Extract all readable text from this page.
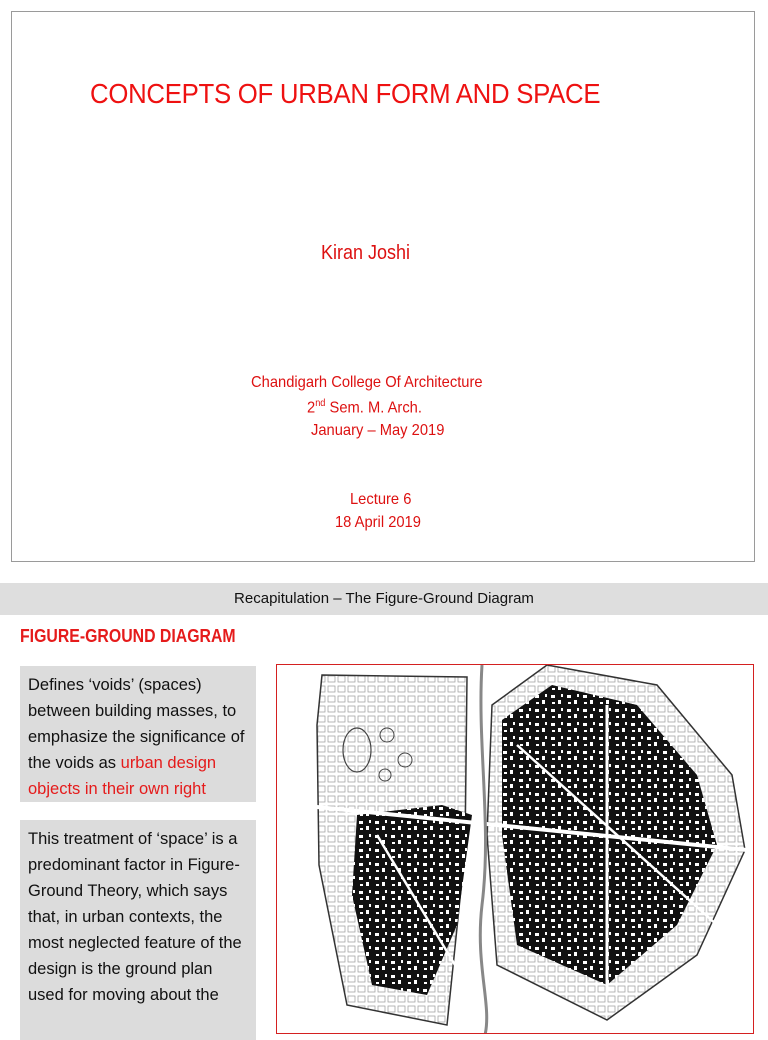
CONCEPTS OF URBAN FORM AND SPACE
Kiran Joshi
Chandigarh College Of Architecture
2nd Sem. M. Arch.
January – May 2019
Lecture 6
18 April 2019
Recapitulation – The Figure-Ground Diagram
FIGURE-GROUND DIAGRAM
Defines ‘voids’ (spaces) between building masses, to emphasize the significance of the voids as urban design objects in their own right
This treatment of ‘space’ is a predominant factor in Figure-Ground Theory, which says that, in urban contexts, the most neglected feature of the design is the ground plan used for moving about the
